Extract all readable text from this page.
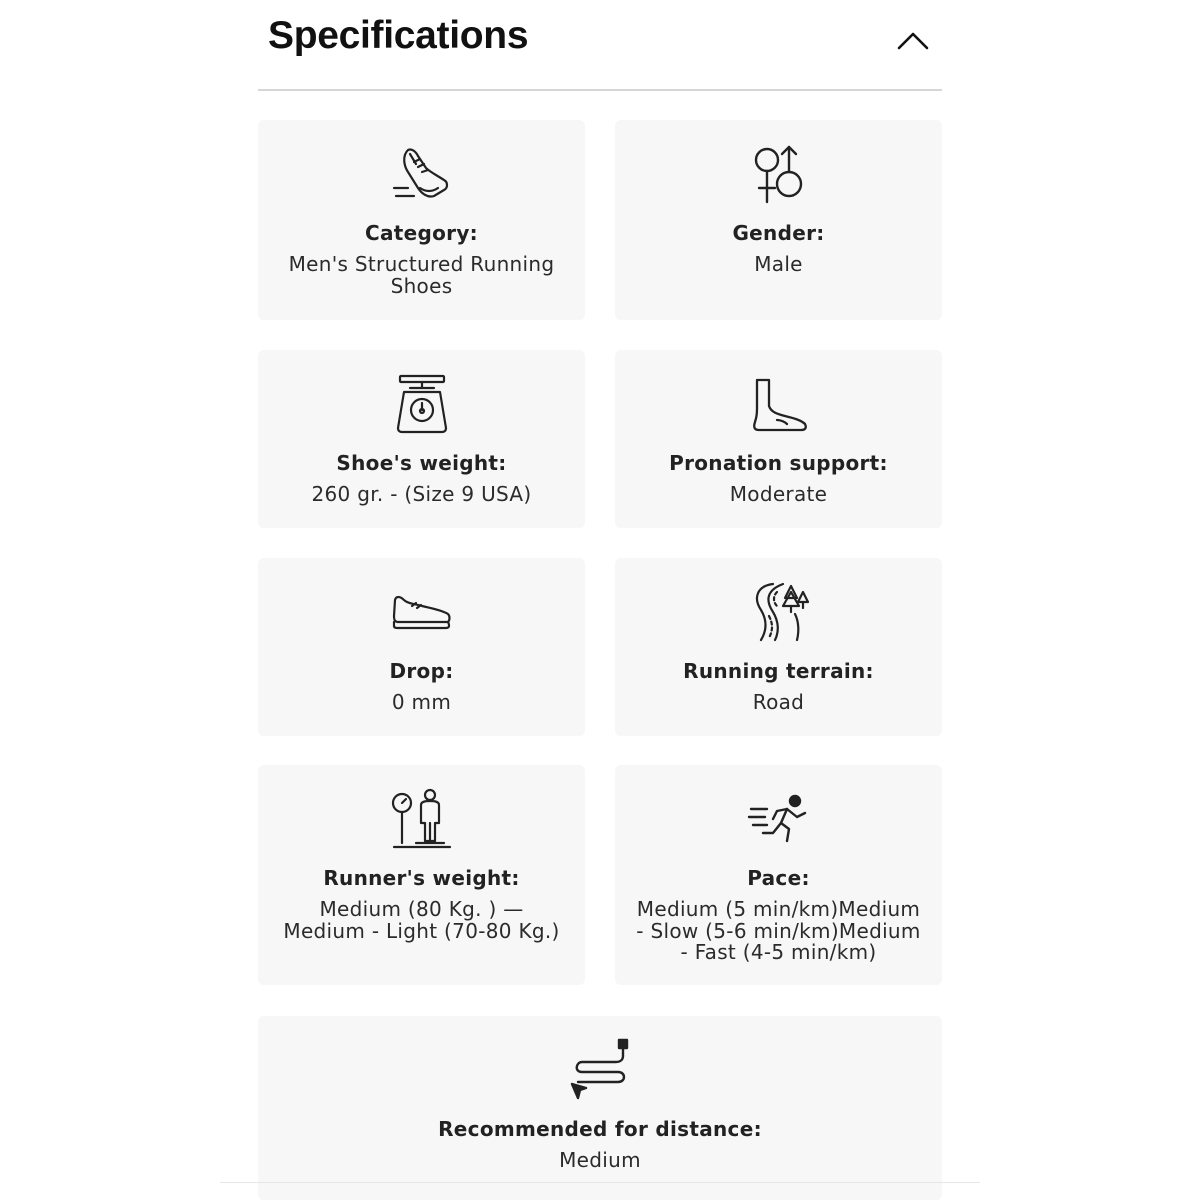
Specifications
Category:
Men's Structured Running Shoes
Gender:
Male
Shoe's weight:
260 gr. - (Size 9 USA)
Pronation support:
Moderate
Drop:
0 mm
Running terrain:
Road
Runner's weight:
Medium (80 Kg. ) — Medium - Light (70-80 Kg.)
Pace:
Medium (5 min/km)Medium - Slow (5-6 min/km)Medium - Fast (4-5 min/km)
Recommended for distance:
Medium
